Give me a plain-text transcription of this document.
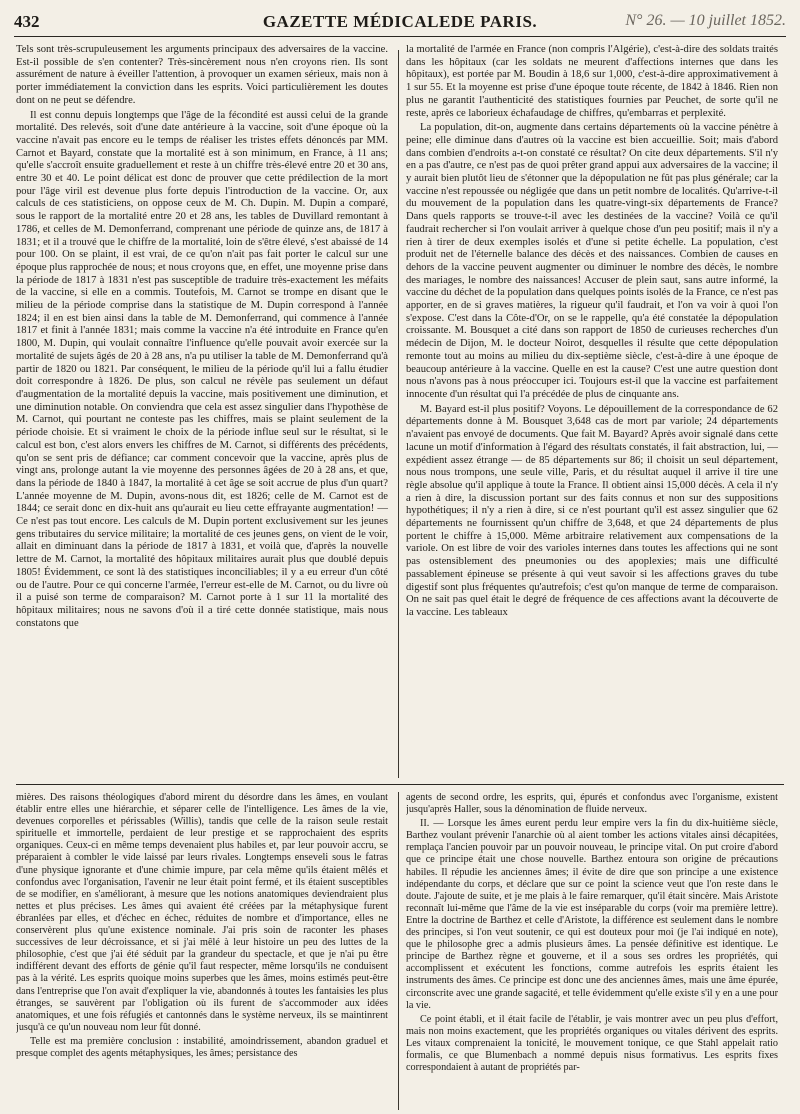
432	GAZETTE MÉDICALEDE PARIS.	N° 26. — 10 juillet 1852.

Tels sont très-scrupuleusement les arguments principaux des adversaires de la vaccine. Est-il possible de s'en contenter? Très-sincèrement nous n'en croyons rien. Ils sont assurément de nature à éveiller l'attention, à provoquer un examen sérieux, mais non à porter immédiatement la conviction dans les esprits. Voici particulièrement les doutes dont on ne peut se défendre.

Il est connu depuis longtemps que l'âge de la fécondité est aussi celui de la grande mortalité. Des relevés, soit d'une date antérieure à la vaccine, soit d'une époque où la vaccine n'avait pas encore eu le temps de réaliser les tristes effets dénoncés par MM. Carnot et Bayard, constate que la mortalité est à son minimum, en France, à 11 ans; qu'elle s'accroît ensuite graduellement et reste à un chiffre très-élevé entre 20 et 30 ans, entre 30 et 40. Le point délicat est donc de prouver que cette prédilection de la mort pour l'âge viril est devenue plus forte depuis l'introduction de la vaccine. Or, aux calculs de ces statisticiens, on oppose ceux de M. Ch. Dupin. M. Dupin a comparé, sous le rapport de la mortalité entre 20 et 28 ans, les tables de Duvillard remontant à 1786, et celles de M. Demonferrand, comprenant une période de quinze ans, de 1817 à 1831; et il a trouvé que le chiffre de la mortalité, loin de s'être élevé, s'est abaissé de 14 pour 100. On se plaint, il est vrai, de ce qu'on n'ait pas fait porter le calcul sur une époque plus rapprochée de nous; et nous croyons que, en effet, une moyenne prise dans la période de 1817 à 1831 n'est pas susceptible de traduire très-exactement les méfaits de la vaccine, si elle en a commis. Toutefois, M. Carnot se trompe en disant que le milieu de la période comprise dans la statistique de M. Dupin correspond à l'année 1824; il en est bien ainsi dans la table de M. Demonferrand, qui commence à l'année 1817 et finit à l'année 1831; mais comme la vaccine n'a été introduite en France qu'en 1800, M. Dupin, qui voulait connaître l'influence qu'elle pouvait avoir exercée sur la mortalité de sujets âgés de 20 à 28 ans, n'a pu utiliser la table de M. Demonferrand qu'à partir de 1820 ou 1821. Par conséquent, le milieu de la période qu'il lui a fallu étudier doit correspondre à 1826. De plus, son calcul ne révèle pas seulement un défaut d'augmentation de la mortalité depuis la vaccine, mais positivement une diminution, et une diminution notable. On conviendra que cela est assez singulier dans l'hypothèse de M. Carnot, qui pourtant ne conteste pas les chiffres, mais se plaint seulement de la période choisie. Et si vraiment le choix de la période influe seul sur le résultat, si le calcul est bon, c'est alors envers les chiffres de M. Carnot, si différents des précédents, qu'on se sent pris de défiance; car comment concevoir que la vaccine, après plus de vingt ans, prolonge autant la vie moyenne des personnes âgées de 20 à 28 ans, et que, dans la période de 1840 à 1847, la mortalité à cet âge se soit accrue de plus d'un quart? L'année moyenne de M. Dupin, avons-nous dit, est 1826; celle de M. Carnot est de 1844; ce serait donc en dix-huit ans qu'aurait eu lieu cette effrayante augmentation! — Ce n'est pas tout encore. Les calculs de M. Dupin portent exclusivement sur les jeunes gens tributaires du service militaire; la mortalité de ces jeunes gens, on vient de le voir, allait en diminuant dans la période de 1817 à 1831, et voilà que, d'après la nouvelle lettre de M. Carnot, la mortalité des hôpitaux militaires aurait plus que doublé depuis 1805! Évidemment, ce sont là des statistiques inconciliables; il y a eu erreur d'un côté ou de l'autre. Pour ce qui concerne l'armée, l'erreur est-elle de M. Carnot, ou du livre où il a puisé son terme de comparaison? M. Carnot porte à 1 sur 11 la mortalité des hôpitaux militaires; nous ne savons d'où il a tiré cette donnée statistique, mais nous constatons que

la mortalité de l'armée en France (non compris l'Algérie), c'est-à-dire des soldats traités dans les hôpitaux (car les soldats ne meurent d'affections internes que dans les hôpitaux), est portée par M. Boudin à 18,6 sur 1,000, c'est-à-dire approximativement à 1 sur 55. Et la moyenne est prise d'une époque toute récente, de 1842 à 1846. Rien non plus ne garantit l'authenticité des statistiques fournies par Peuchet, de sorte qu'il ne reste, après ce laborieux échafaudage de chiffres, qu'embarras et perplexité.

La population, dit-on, augmente dans certains départements où la vaccine pénètre à peine; elle diminue dans d'autres où la vaccine est bien accueillie. Soit; mais d'abord dans combien d'endroits a-t-on constaté ce résultat? On cite deux départements. S'il n'y en a pas d'autre, ce n'est pas de quoi prêter grand appui aux adversaires de la vaccine; il y aurait bien plutôt lieu de s'étonner que la dépopulation ne fût pas plus générale; car la vaccine n'est repoussée ou négligée que dans un petit nombre de localités. Qu'arrive-t-il du mouvement de la population dans les quatre-vingt-six départements de France? Dans quels rapports se trouve-t-il avec les destinées de la vaccine? Voilà ce qu'il faudrait rechercher si l'on voulait arriver à quelque chose d'un peu positif; mais il n'y a rien à tirer de deux exemples isolés et d'une si petite échelle. La population, c'est produit net de l'éternelle balance des décès et des naissances. Combien de causes en dehors de la vaccine peuvent augmenter ou diminuer le nombre des décès, le nombre des mariages, le nombre des naissances! Accuser de plein saut, sans autre informé, la vaccine du déchet de la population dans quelques points isolés de la France, ce n'est pas apporter, en de si graves matières, la rigueur qu'il faudrait, et l'on va voir à quoi l'on s'expose. C'est dans la Côte-d'Or, on se le rappelle, qu'a été constatée la dépopulation croissante. M. Bousquet a cité dans son rapport de 1850 de curieuses recherches d'un médecin de Dijon, M. le docteur Noirot, desquelles il résulte que cette dépopulation remonte tout au moins au milieu du dix-septième siècle, c'est-à-dire à une époque de beaucoup antérieure à la vaccine. Quelle en est la cause? C'est une autre question dont nous n'avons pas à nous préoccuper ici. Toujours est-il que la vaccine est parfaitement innocente d'un résultat qui l'a précédée de plus de cinquante ans.

M. Bayard est-il plus positif? Voyons. Le dépouillement de la correspondance de 62 départements donne à M. Bousquet 3,648 cas de mort par variole; 24 départements n'avaient pas envoyé de documents. Que fait M. Bayard? Après avoir signalé dans cette lacune un motif d'information à l'égard des résultats constatés, il fait abstraction, lui, — expédient assez étrange — de 85 départements sur 86; il choisit un seul département, nous nous trompons, une seule ville, Paris, et du résultat auquel il arrive il tire une règle absolue qu'il applique à toute la France. Il obtient ainsi 15,000 décès. A cela il n'y a rien à dire, la discussion portant sur des faits connus et non sur des suppositions hypothétiques; il n'y a rien à dire, si ce n'est pourtant qu'il est assez singulier que 62 départements ne fournissent qu'un chiffre de 3,648, et que 24 départements de plus portent le chiffre à 15,000. Même arbitraire relativement aux compensations de la variole. On est libre de voir des varioles internes dans toutes les affections qui ne sont pas ostensiblement des pneumonies ou des apoplexies; mais une difficulté passablement épineuse se présente à qui veut savoir si les affections graves du tube digestif sont plus fréquentes qu'autrefois; c'est qu'on manque de terme de comparaison. On ne sait pas quel était le degré de fréquence de ces affections avant la découverte de la vaccine. Les tableaux

mières. Des raisons théologiques d'abord mirent du désordre dans les âmes, en voulant établir entre elles une hiérarchie, et séparer celle de l'intelligence. Les âmes de la vie, devenues corporelles et périssables (Willis), tandis que celle de la raison seule restait spirituelle et immortelle, perdaient de leur prestige et se rapprochaient des esprits organiques. Ceux-ci en même temps devenaient plus habiles et, par leur pouvoir accru, se préparaient à combler le vide laissé par leurs rivales. Longtemps enseveli sous le fatras d'une physique ignorante et d'une chimie impure, par cela même qu'ils étaient mêlés et confondus avec l'organisation, l'avenir ne leur était point fermé, et ils étaient susceptibles de se modifier, en s'améliorant, à mesure que les notions anatomiques deviendraient plus nettes et plus précises. Les âmes qui avaient été créées par la métaphysique furent ébranlées par elles, et d'échec en échec, réduites de nombre et d'importance, elles ne conservèrent plus qu'une existence nominale. J'ai pris soin de raconter les phases successives de leur décroissance, et si j'ai mêlé à leur histoire un peu des luttes de la philosophie, c'est que j'ai été séduit par la grandeur du spectacle, et que je n'ai pu être indifférent devant des efforts de génie qu'il faut respecter, même lorsqu'ils ne conduisent pas à la vérité. Les esprits quoique moins superbes que les âmes, moins estimés peut-être dans l'entreprise que l'on avait d'expliquer la vie, abandonnés à toutes les fantaisies les plus étranges, se sauvèrent par l'obligation où ils furent de s'accommoder aux idées anatomiques, et une fois réfugiés et cantonnés dans le système nerveux, ils se maintinrent jusqu'à ce qu'un nouveau nom leur fût donné.

Telle est ma première conclusion : instabilité, amoindrissement, abandon graduel et presque complet des agents métaphysiques, les âmes; persistance des

agents de second ordre, les esprits, qui, épurés et confondus avec l'organisme, existent jusqu'après Haller, sous la dénomination de fluide nerveux.

II. — Lorsque les âmes eurent perdu leur empire vers la fin du dix-huitième siècle, Barthez voulant prévenir l'anarchie où al aient tomber les actions vitales ainsi décapitées, remplaça l'ancien pouvoir par un pouvoir nouveau, le principe vital. On put croire d'abord que ce principe était une chose nouvelle. Barthez entoura son origine de précautions habiles. Il répudie les anciennes âmes; il évite de dire que son principe a une existence indépendante du corps, et déclare que sur ce point la science veut que l'on reste dans le doute. J'ajoute de suite, et je me plais à le faire remarquer, qu'il était sincère. Mais Aristote reconnaît lui-même que l'âme de la vie est inséparable du corps (voir ma première lettre). Entre la doctrine de Barthez et celle d'Aristote, la différence est seulement dans le nombre des principes, si l'on veut soutenir, ce qui est douteux pour moi (je l'ai indiqué en note), que le philosophe grec a admis plusieurs âmes. La pensée définitive est identique. Le principe de Barthez règne et gouverne, et il a sous ses ordres les propriétés, qui accomplissent et exécutent les fonctions, comme autrefois les esprits étaient les instruments des âmes. Ce principe est donc une des anciennes âmes, mais une âme épurée, circonscrite avec une grande sagacité, et telle évidemment qu'elle existe s'il y en a une pour la vie.

Ce point établi, et il était facile de l'établir, je vais montrer avec un peu plus d'effort, mais non moins exactement, que les propriétés organiques ou vitales dérivent des esprits. Les vitaux comprenaient la tonicité, le mouvement tonique, ce que Stahl appelait ratio formalis, ce que Blumenbach a nommé depuis nisus formativus. Les esprits fixes correspondaient à autant de propriétés par-
